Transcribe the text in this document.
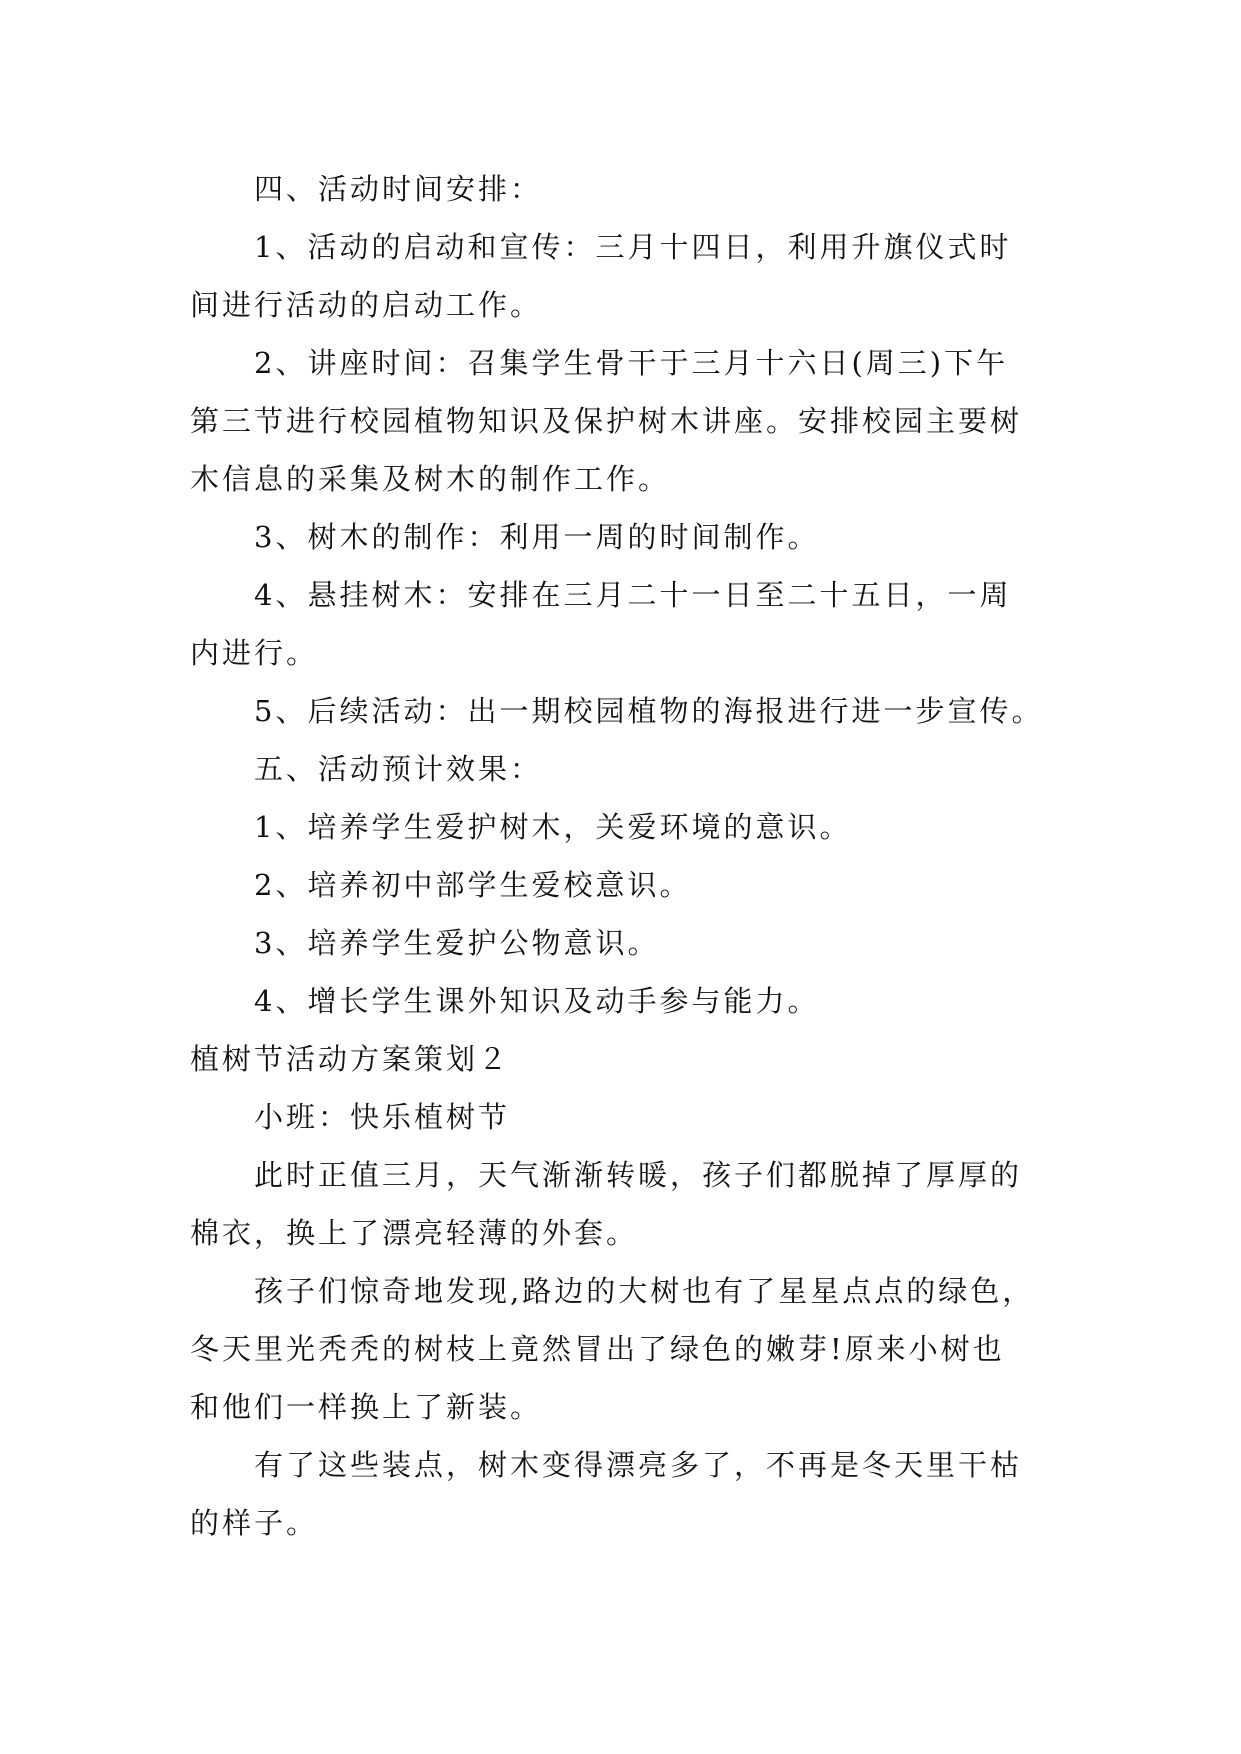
四、活动时间安排：
1、活动的启动和宣传：三月十四日，利用升旗仪式时
间进行活动的启动工作。
2、讲座时间：召集学生骨干于三月十六日(周三)下午
第三节进行校园植物知识及保护树木讲座。安排校园主要树
木信息的采集及树木的制作工作。
3、树木的制作：利用一周的时间制作。
4、悬挂树木：安排在三月二十一日至二十五日，一周
内进行。
5、后续活动：出一期校园植物的海报进行进一步宣传。
五、活动预计效果：
1、培养学生爱护树木，关爱环境的意识。
2、培养初中部学生爱校意识。
3、培养学生爱护公物意识。
4、增长学生课外知识及动手参与能力。
植树节活动方案策划２
小班：快乐植树节
此时正值三月，天气渐渐转暖，孩子们都脱掉了厚厚的
棉衣，换上了漂亮轻薄的外套。
孩子们惊奇地发现,路边的大树也有了星星点点的绿色，
冬天里光秃秃的树枝上竟然冒出了绿色的嫩芽!原来小树也
和他们一样换上了新装。
有了这些装点，树木变得漂亮多了，不再是冬天里干枯
的样子。
